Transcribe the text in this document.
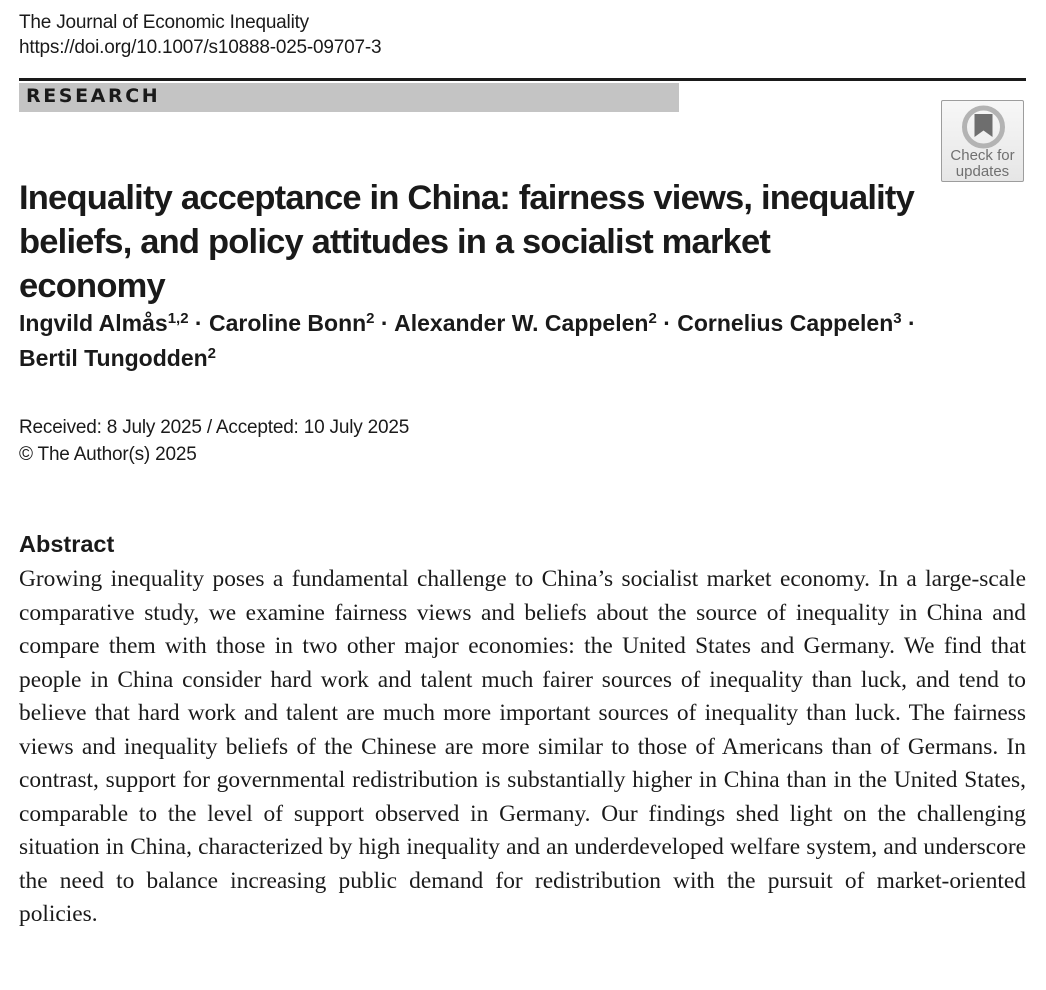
The Journal of Economic Inequality
https://doi.org/10.1007/s10888-025-09707-3
RESEARCH
Check for
updates
Inequality acceptance in China: fairness views, inequality beliefs, and policy attitudes in a socialist market economy
Ingvild Almås$^{1,2}$ · Caroline Bonn$^2$ · Alexander W. Cappelen$^2$ · Cornelius Cappelen$^3$ ·
Bertil Tungodden$^2$
Received: 8 July 2025 / Accepted: 10 July 2025
© The Author(s) 2025
Abstract

Growing inequality poses a fundamental challenge to China’s socialist market economy. In a large-scale comparative study, we examine fairness views and beliefs about the source of inequality in China and compare them with those in two other major economies: the United States and Germany. We find that people in China consider hard work and talent much fairer sources of inequality than luck, and tend to believe that hard work and talent are much more important sources of inequality than luck. The fairness views and inequality beliefs of the Chinese are more similar to those of Americans than of Germans. In contrast, support for governmental redistribution is substantially higher in China than in the United States, comparable to the level of support observed in Germany. Our findings shed light on the challenging situation in China, characterized by high inequality and an underdeveloped welfare system, and underscore the need to balance increasing public demand for redistribution with the pursuit of market-oriented policies.
